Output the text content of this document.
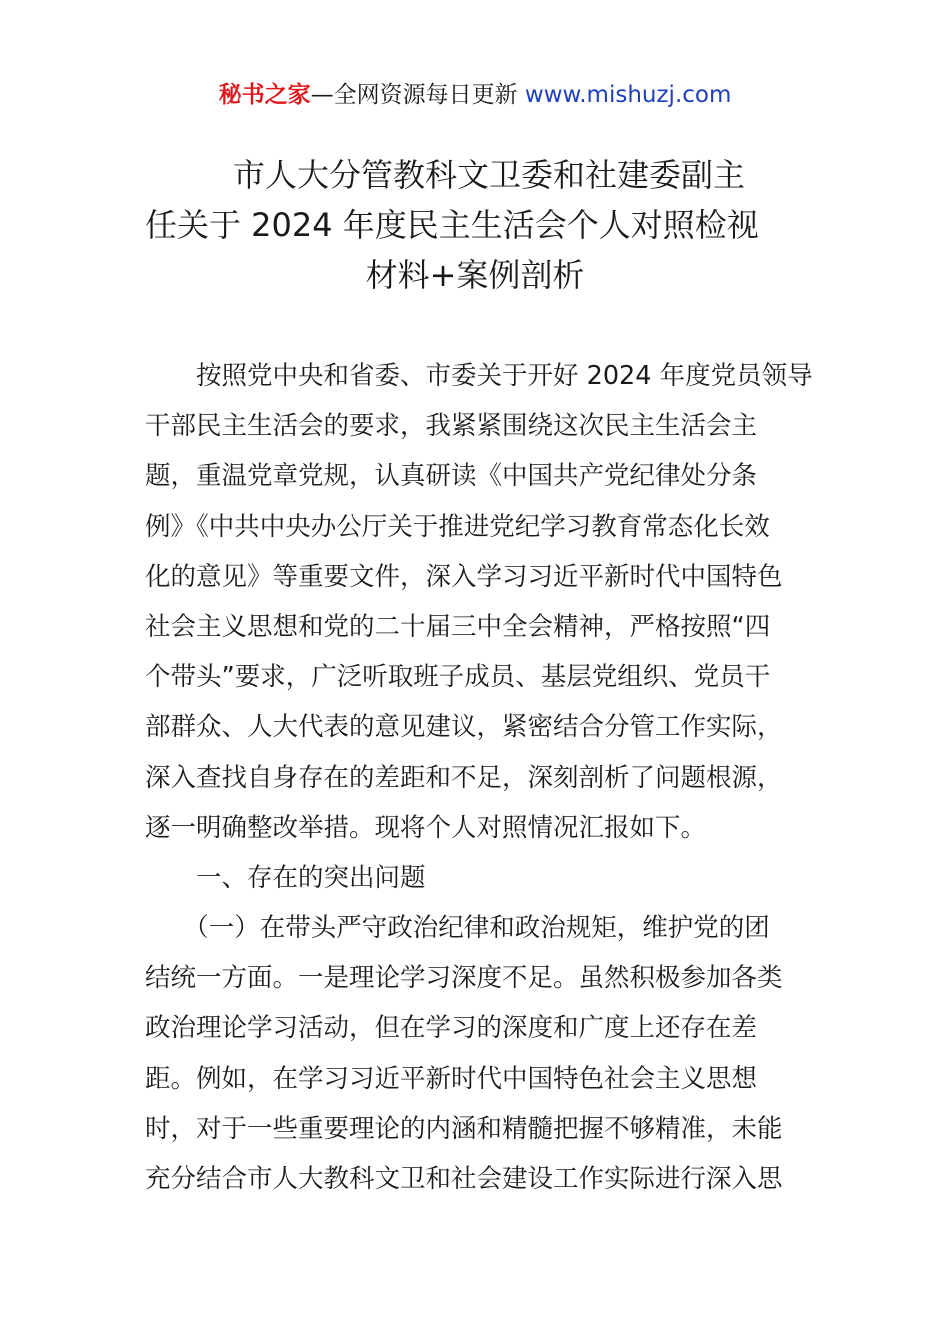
秘书之家—全网资源每日更新 www.mishuzj.com
市人大分管教科文卫委和社建委副主
任关于 2024 年度民主生活会个人对照检视
材料+案例剖析
　　按照党中央和省委、市委关于开好 2024 年度党员领导
干部民主生活会的要求，我紧紧围绕这次民主生活会主
题，重温党章党规，认真研读《中国共产党纪律处分条
例》《中共中央办公厅关于推进党纪学习教育常态化长效
化的意见》等重要文件，深入学习习近平新时代中国特色
社会主义思想和党的二十届三中全会精神，严格按照“四
个带头”要求，广泛听取班子成员、基层党组织、党员干
部群众、人大代表的意见建议，紧密结合分管工作实际，
深入查找自身存在的差距和不足，深刻剖析了问题根源，
逐一明确整改举措。现将个人对照情况汇报如下。
　　一、存在的突出问题
　　（一）在带头严守政治纪律和政治规矩，维护党的团
结统一方面。一是理论学习深度不足。虽然积极参加各类
政治理论学习活动，但在学习的深度和广度上还存在差
距。例如，在学习习近平新时代中国特色社会主义思想
时，对于一些重要理论的内涵和精髓把握不够精准，未能
充分结合市人大教科文卫和社会建设工作实际进行深入思
